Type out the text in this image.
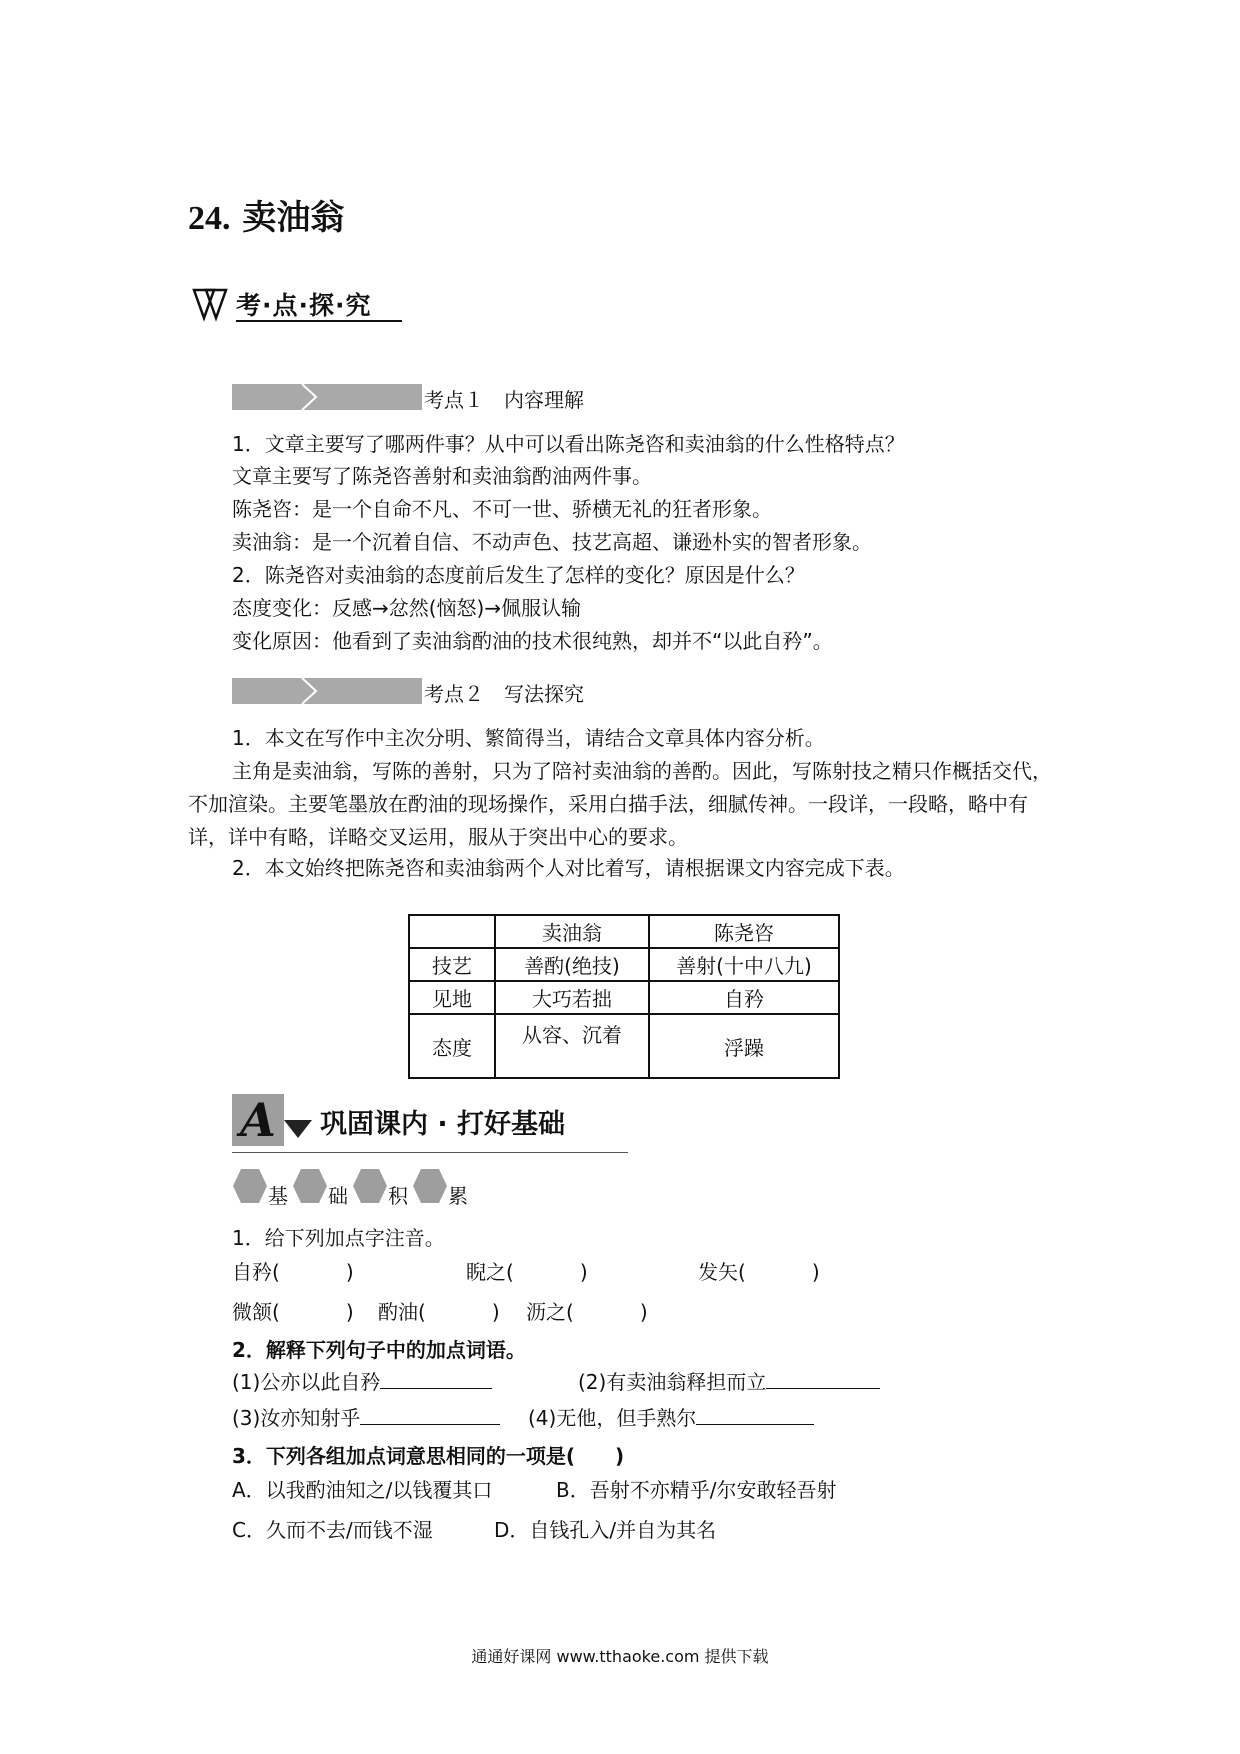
24. 卖油翁
考·点·探·究
考点１　内容理解
1．文章主要写了哪两件事？从中可以看出陈尧咨和卖油翁的什么性格特点？
文章主要写了陈尧咨善射和卖油翁酌油两件事。
陈尧咨：是一个自命不凡、不可一世、骄横无礼的狂者形象。
卖油翁：是一个沉着自信、不动声色、技艺高超、谦逊朴实的智者形象。
2．陈尧咨对卖油翁的态度前后发生了怎样的变化？原因是什么？
态度变化：反感→忿然(恼怒)→佩服认输
变化原因：他看到了卖油翁酌油的技术很纯熟，却并不“以此自矜”。
考点２　写法探究
1．本文在写作中主次分明、繁简得当，请结合文章具体内容分析。
主角是卖油翁，写陈的善射，只为了陪衬卖油翁的善酌。因此，写陈射技之精只作概括交代，不加渲染。主要笔墨放在酌油的现场操作，采用白描手法，细腻传神。一段详，一段略，略中有详，详中有略，详略交叉运用，服从于突出中心的要求。
2．本文始终把陈尧咨和卖油翁两个人对比着写，请根据课文内容完成下表。
	卖油翁	陈尧咨
技艺	善酌(绝技)	善射(十中八九)
见地	大巧若拙	自矜
态度	从容、沉着	浮躁
A	巩固课内 · 打好基础
基 础 积 累
1．给下列加点字注音。
自矜(	)	睨之(	)	发矢(	)
微颔(	) 酌油(	) 沥之(	)
2．解释下列句子中的加点词语。
(1)公亦以此自矜	(2)有卖油翁释担而立
(3)汝亦知射乎	(4)无他，但手熟尔
3．下列各组加点词意思相同的一项是(　　)
A．以我酌油知之/以钱覆其口	B．吾射不亦精乎/尔安敢轻吾射
C．久而不去/而钱不湿	D．自钱孔入/并自为其名
通通好课网 www.tthaoke.com 提供下载
